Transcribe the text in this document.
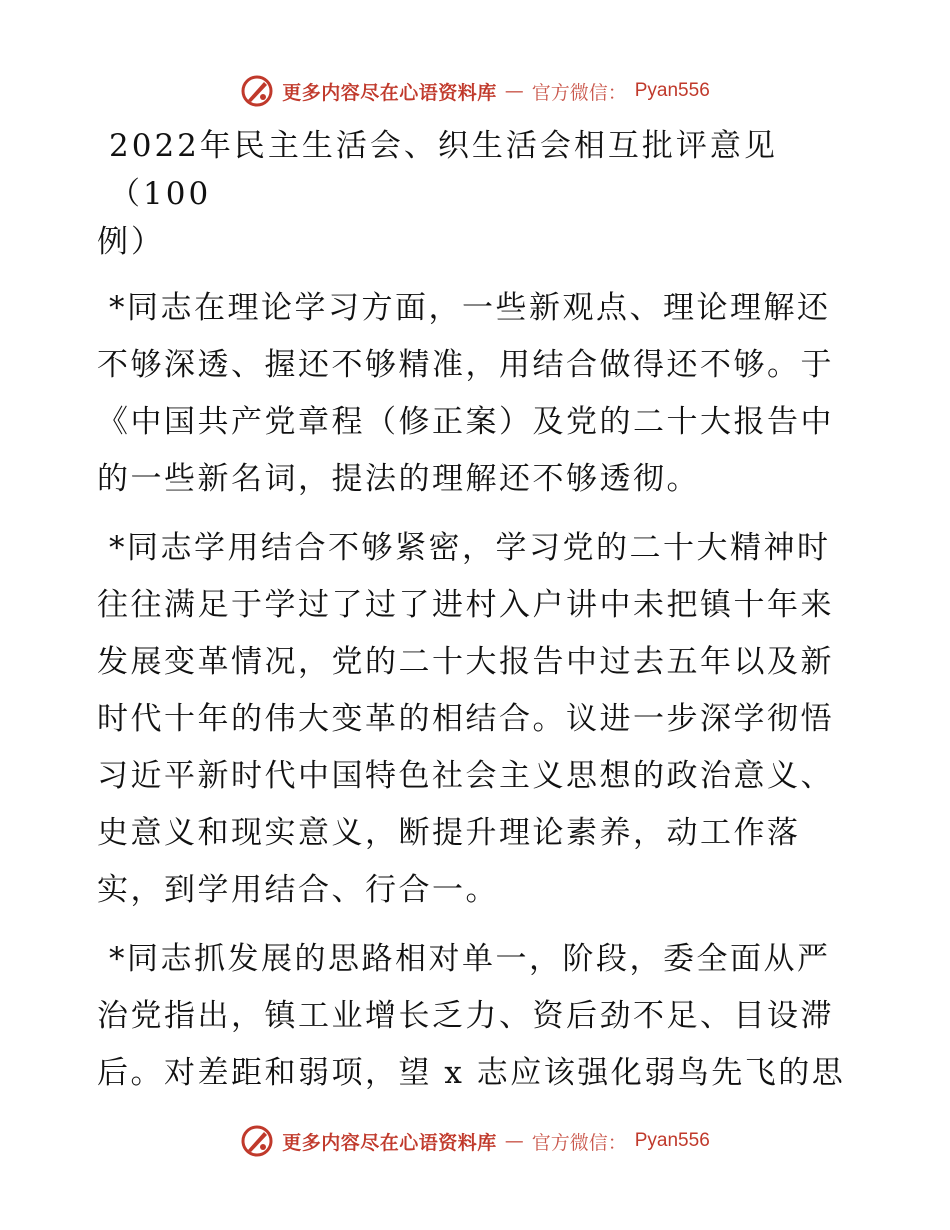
更多内容尽在心语资料库 — 官方微信： Pyan556
2022年民主生活会、织生活会相互批评意见（100
例）
*同志在理论学习方面，一些新观点、理论理解还
不够深透、握还不够精准，用结合做得还不够。于
《中国共产党章程（修正案）及党的二十大报告中
的一些新名词，提法的理解还不够透彻。
*同志学用结合不够紧密，学习党的二十大精神时
往往满足于学过了过了进村入户讲中未把镇十年来
发展变革情况，党的二十大报告中过去五年以及新
时代十年的伟大变革的相结合。议进一步深学彻悟
习近平新时代中国特色社会主义思想的政治意义、
史意义和现实意义，断提升理论素养，动工作落
实，到学用结合、行合一。
*同志抓发展的思路相对单一，阶段，委全面从严
治党指出，镇工业增长乏力、资后劲不足、目设滞
后。对差距和弱项，望 x 志应该强化弱鸟先飞的思
更多内容尽在心语资料库 — 官方微信： Pyan556
